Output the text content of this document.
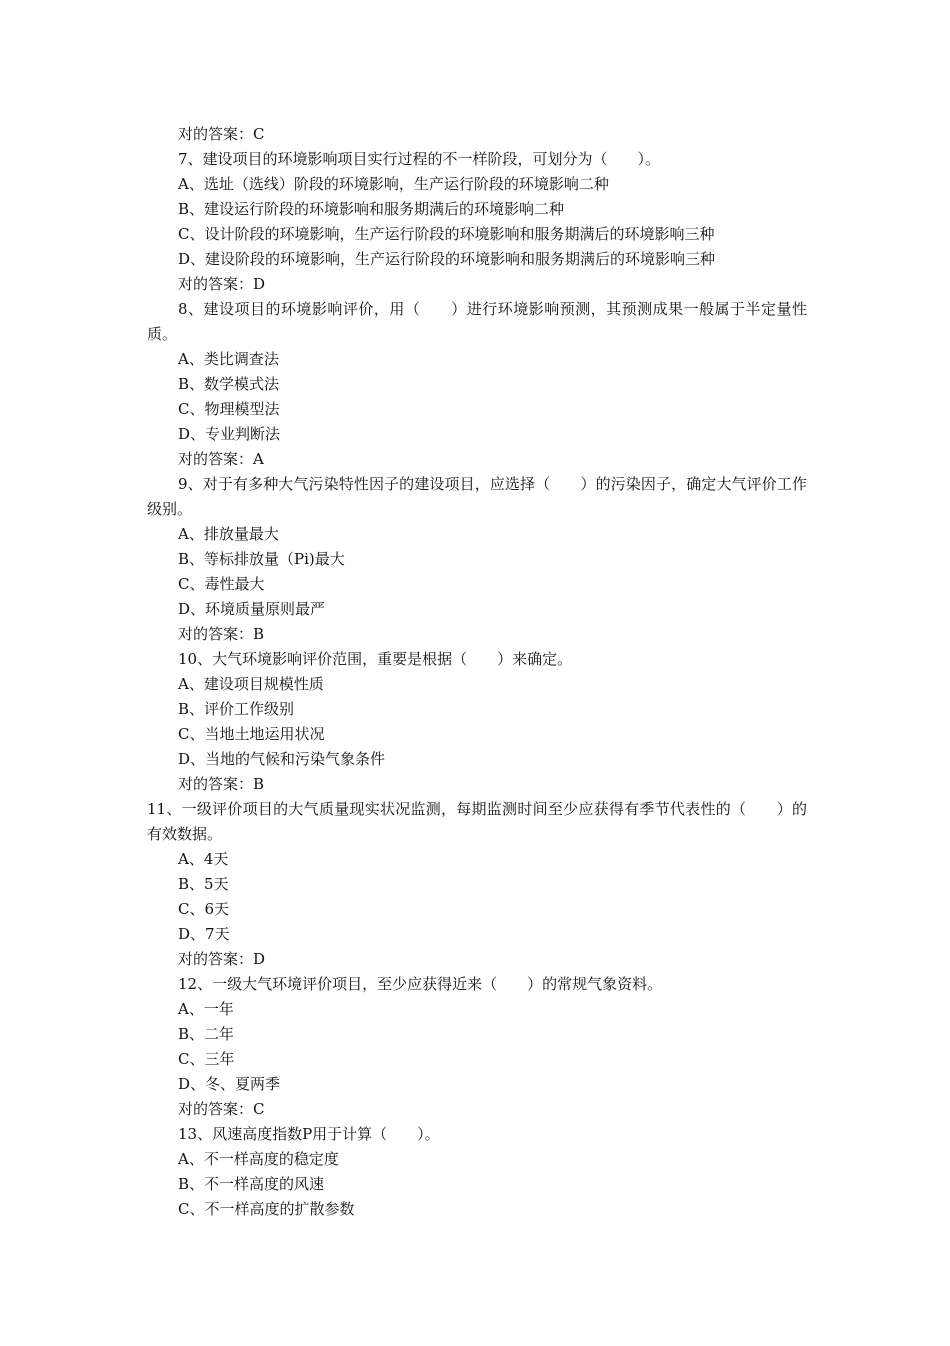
对的答案：C
7、建设项目的环境影响项目实行过程的不一样阶段，可划分为（　　）。
A、选址（选线）阶段的环境影响，生产运行阶段的环境影响二种
B、建设运行阶段的环境影响和服务期满后的环境影响二种
C、设计阶段的环境影响，生产运行阶段的环境影响和服务期满后的环境影响三种
D、建设阶段的环境影响，生产运行阶段的环境影响和服务期满后的环境影响三种
对的答案：D
8、建设项目的环境影响评价，用（　　）进行环境影响预测，其预测成果一般属于半定量性质。
A、类比调查法
B、数学模式法
C、物理模型法
D、专业判断法
对的答案：A
9、对于有多种大气污染特性因子的建设项目，应选择（　　）的污染因子，确定大气评价工作级别。
A、排放量最大
B、等标排放量（Pi)最大
C、毒性最大
D、环境质量原则最严
对的答案：B
10、大气环境影响评价范围，重要是根据（　　）来确定。
A、建设项目规模性质
B、评价工作级别
C、当地土地运用状况
D、当地的气候和污染气象条件
对的答案：B
11、一级评价项目的大气质量现实状况监测，每期监测时间至少应获得有季节代表性的（　　）的有效数据。
A、4天
B、5天
C、6天
D、7天
对的答案：D
12、一级大气环境评价项目，至少应获得近来（　　）的常规气象资料。
A、一年
B、二年
C、三年
D、冬、夏两季
对的答案：C
13、风速高度指数P用于计算（　　）。
A、不一样高度的稳定度
B、不一样高度的风速
C、不一样高度的扩散参数
